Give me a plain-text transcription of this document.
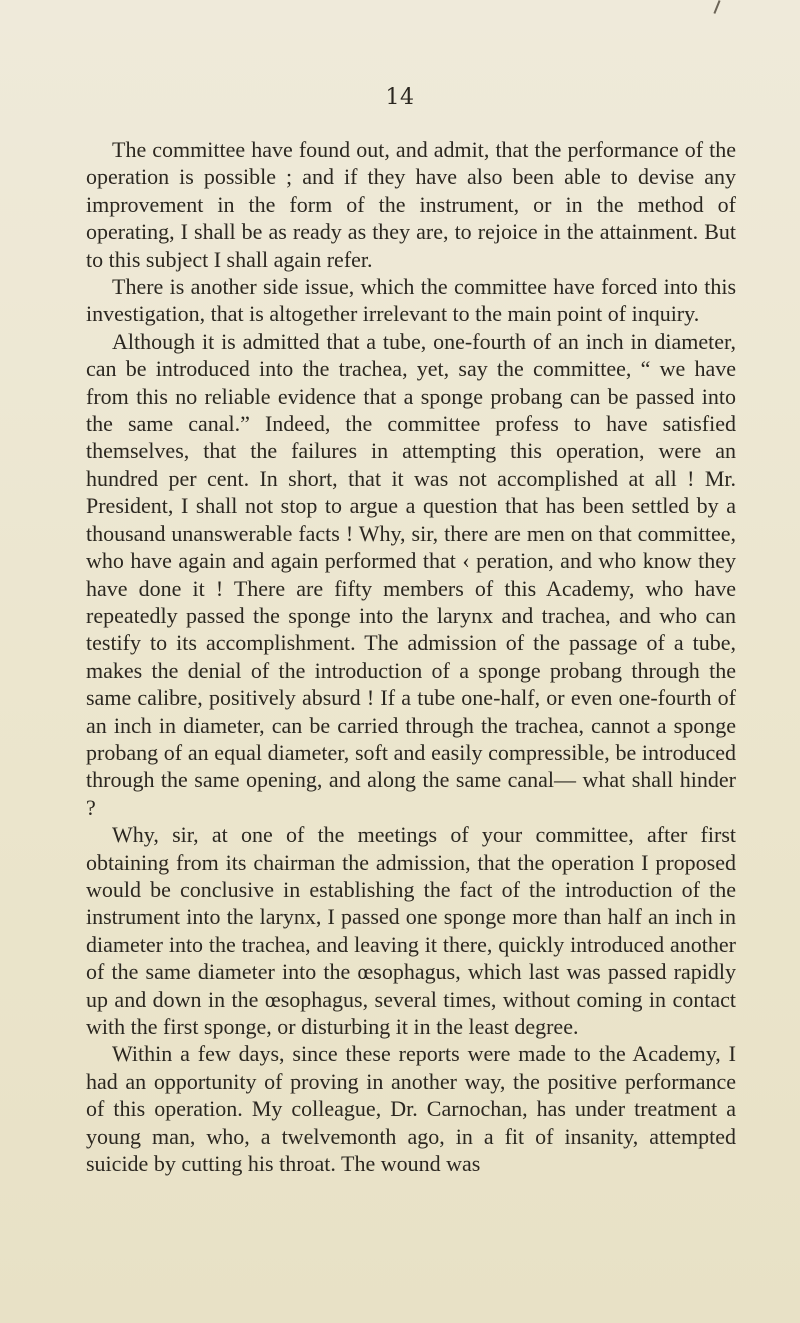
14

The committee have found out, and admit, that the performance of the operation is possible ; and if they have also been able to devise any improvement in the form of the instrument, or in the method of operating, I shall be as ready as they are, to rejoice in the attainment. But to this subject I shall again refer.

There is another side issue, which the committee have forced into this investigation, that is altogether irrelevant to the main point of inquiry.

Although it is admitted that a tube, one-fourth of an inch in diameter, can be introduced into the trachea, yet, say the committee, “ we have from this no reliable evidence that a sponge probang can be passed into the same canal.” Indeed, the committee profess to have satisfied themselves, that the failures in attempting this operation, were an hundred per cent. In short, that it was not accomplished at all ! Mr. President, I shall not stop to argue a question that has been settled by a thousand unanswerable facts ! Why, sir, there are men on that committee, who have again and again performed that ‹ peration, and who know they have done it ! There are fifty members of this Academy, who have repeatedly passed the sponge into the larynx and trachea, and who can testify to its accomplishment. The admission of the passage of a tube, makes the denial of the introduction of a sponge probang through the same calibre, positively absurd ! If a tube one-half, or even one-fourth of an inch in diameter, can be carried through the trachea, cannot a sponge probang of an equal diameter, soft and easily compressible, be introduced through the same opening, and along the same canal— what shall hinder ?

Why, sir, at one of the meetings of your committee, after first obtaining from its chairman the admission, that the operation I proposed would be conclusive in establishing the fact of the introduction of the instrument into the larynx, I passed one sponge more than half an inch in diameter into the trachea, and leaving it there, quickly introduced another of the same diameter into the œsophagus, which last was passed rapidly up and down in the œsophagus, several times, without coming in contact with the first sponge, or disturbing it in the least degree.

Within a few days, since these reports were made to the Academy, I had an opportunity of proving in another way, the positive performance of this operation. My colleague, Dr. Carnochan, has under treatment a young man, who, a twelvemonth ago, in a fit of insanity, attempted suicide by cutting his throat. The wound was
